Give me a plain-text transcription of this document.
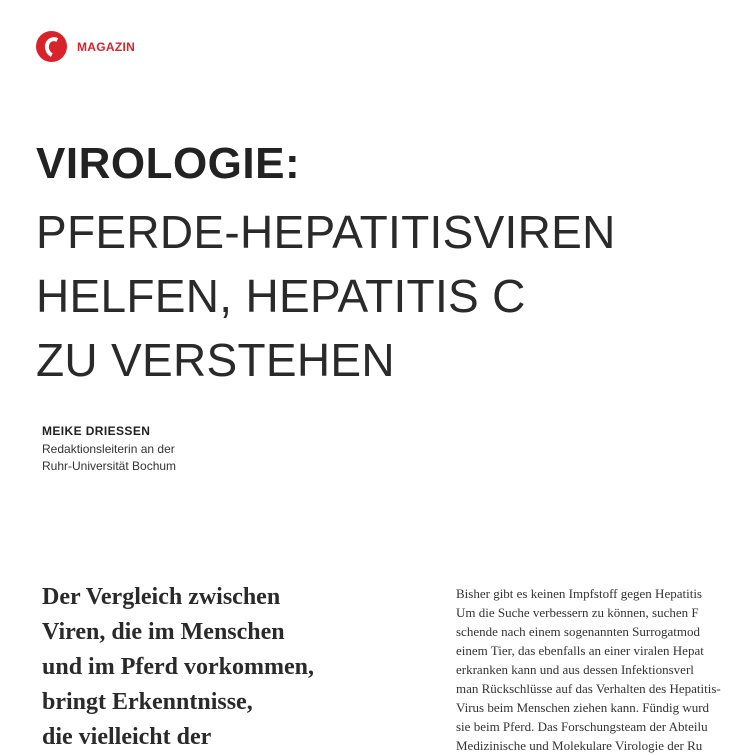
MAGAZIN
VIROLOGIE:
PFERDE-HEPATITISVIREN
HELFEN, HEPATITIS C
ZU VERSTEHEN
MEIKE DRIESSEN
Redaktionsleiterin an der
Ruhr-Universität Bochum

Der Vergleich zwischen
Viren, die im Menschen
und im Pferd vorkommen,
bringt Erkenntnisse,
die vielleicht der

Bisher gibt es keinen Impfstoff gegen Hepatitis
Um die Suche verbessern zu können, suchen F
schende nach einem sogenannten Surrogatmod
einem Tier, das ebenfalls an einer viralen Hepat
erkranken kann und aus dessen Infektionsverl
man Rückschlüsse auf das Verhalten des Hepatitis-
Virus beim Menschen ziehen kann. Fündig wurd
sie beim Pferd. Das Forschungsteam der Abteilu
Medizinische und Molekulare Virologie der Ru
